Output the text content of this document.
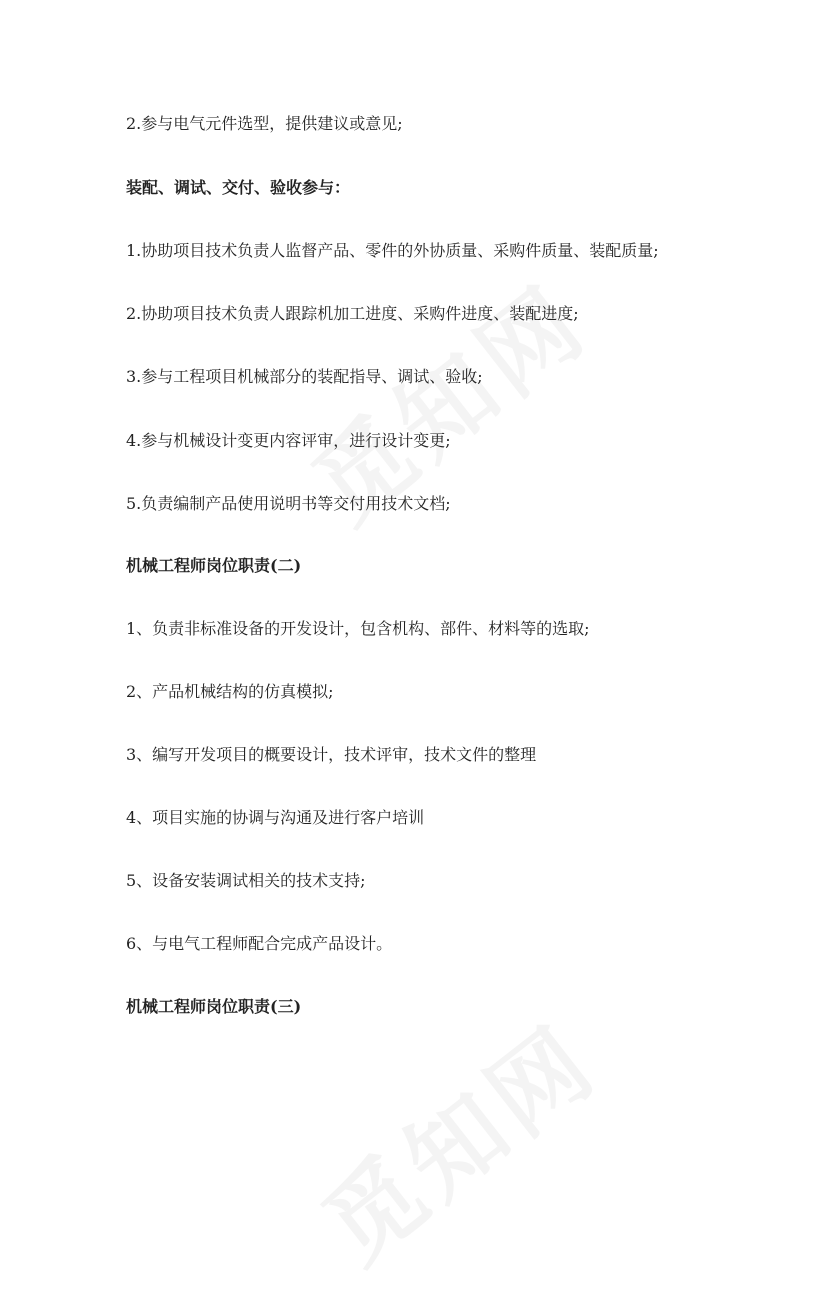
2.参与电气元件选型，提供建议或意见;
装配、调试、交付、验收参与：
1.协助项目技术负责人监督产品、零件的外协质量、采购件质量、装配质量;
2.协助项目技术负责人跟踪机加工进度、采购件进度、装配进度;
3.参与工程项目机械部分的装配指导、调试、验收;
4.参与机械设计变更内容评审，进行设计变更;
5.负责编制产品使用说明书等交付用技术文档;
机械工程师岗位职责(二)
1、负责非标准设备的开发设计，包含机构、部件、材料等的选取;
2、产品机械结构的仿真模拟;
3、编写开发项目的概要设计，技术评审，技术文件的整理
4、项目实施的协调与沟通及进行客户培训
5、设备安装调试相关的技术支持;
6、与电气工程师配合完成产品设计。
机械工程师岗位职责(三)
